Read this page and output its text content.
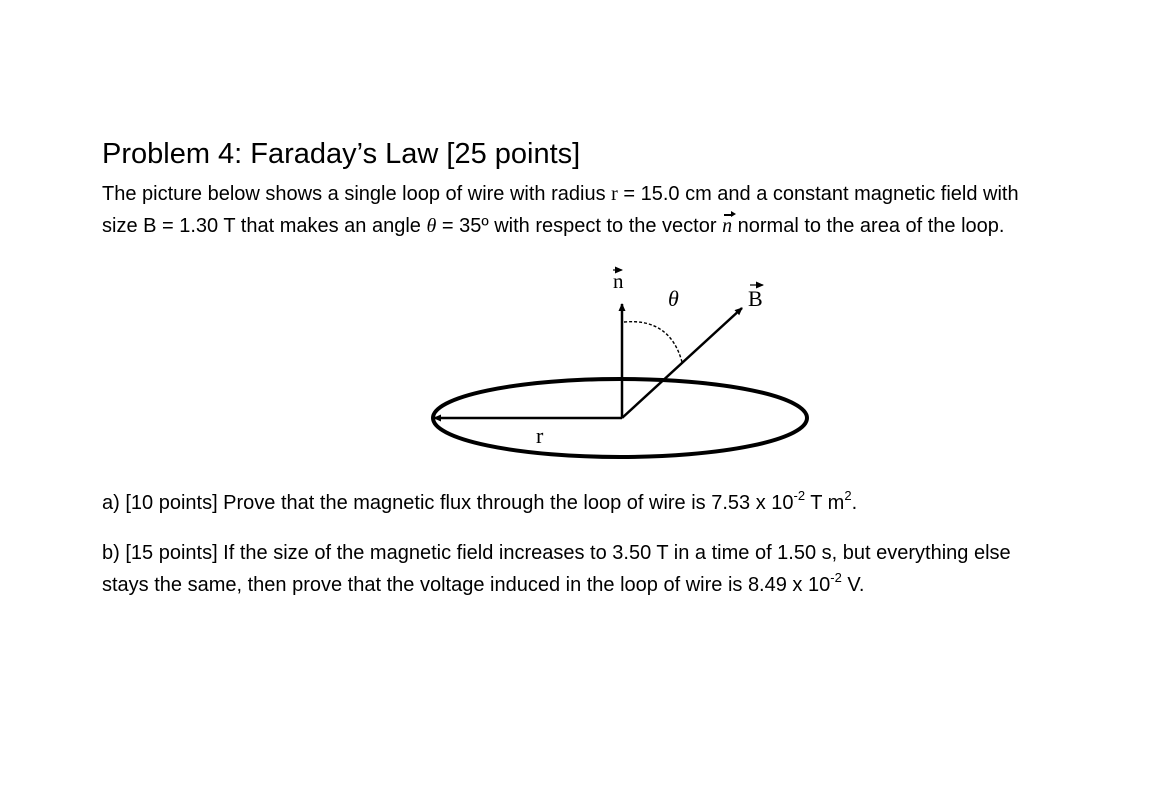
Problem 4: Faraday’s Law [25 points]
The picture below shows a single loop of wire with radius r = 15.0 cm and a constant magnetic field with
size B = 1.30 T that makes an angle θ = 35º with respect to the vector n normal to the area of the loop.
n
θ	B
r
a) [10 points] Prove that the magnetic flux through the loop of wire is 7.53 x $10^{-2}$ T $m^2$.
b) [15 points] If the size of the magnetic field increases to 3.50 T in a time of 1.50 s, but everything else
stays the same, then prove that the voltage induced in the loop of wire is 8.49 x $10^{-2}$ V.
